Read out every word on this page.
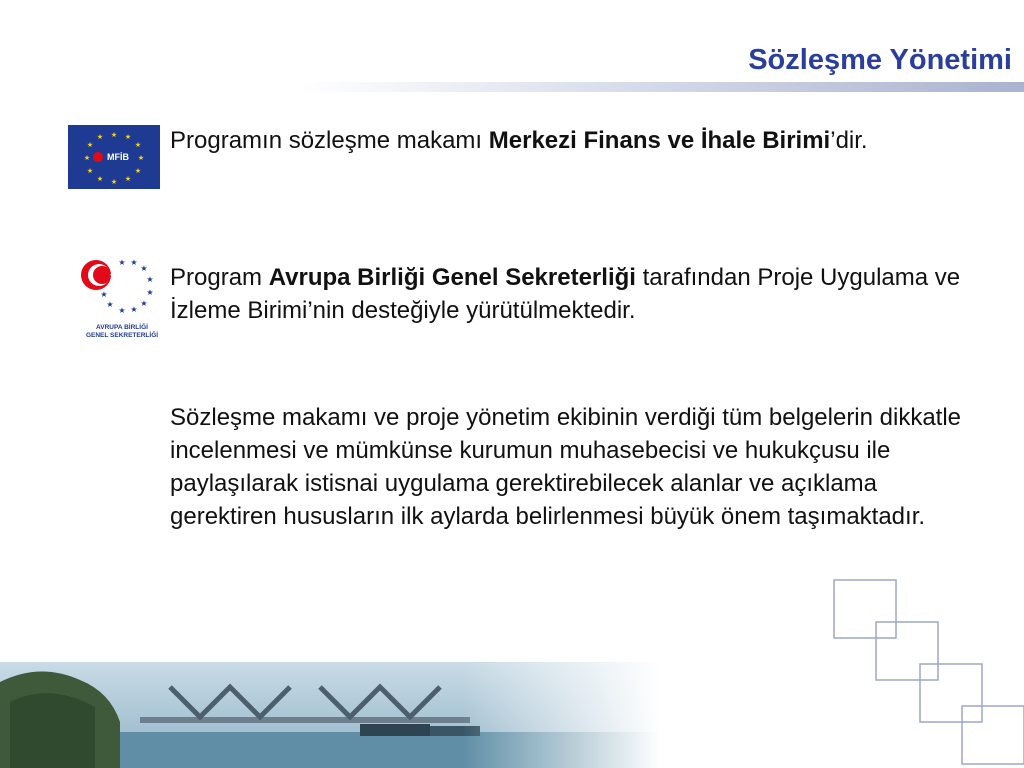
Sözleşme Yönetimi
★ ★
★
★
★
★
★
★
★
★
★
★
MFİB
★
★ ★
★
★
★
★
★
★
★
★
AVRUPA BİRLİĞİ
GENEL SEKRETERLİĞİ
Programın sözleşme makamı Merkezi Finans ve İhale Birimi’dir.
Program Avrupa Birliği Genel Sekreterliği tarafından Proje Uygulama ve İzleme Birimi’nin desteğiyle yürütülmektedir.
Sözleşme makamı ve proje yönetim ekibinin verdiği tüm belgelerin dikkatle incelenmesi ve mümkünse kurumun muhasebecisi ve hukukçusu ile paylaşılarak istisnai uygulama gerektirebilecek alanlar ve açıklama gerektiren hususların ilk aylarda belirlenmesi büyük önem taşımaktadır.
